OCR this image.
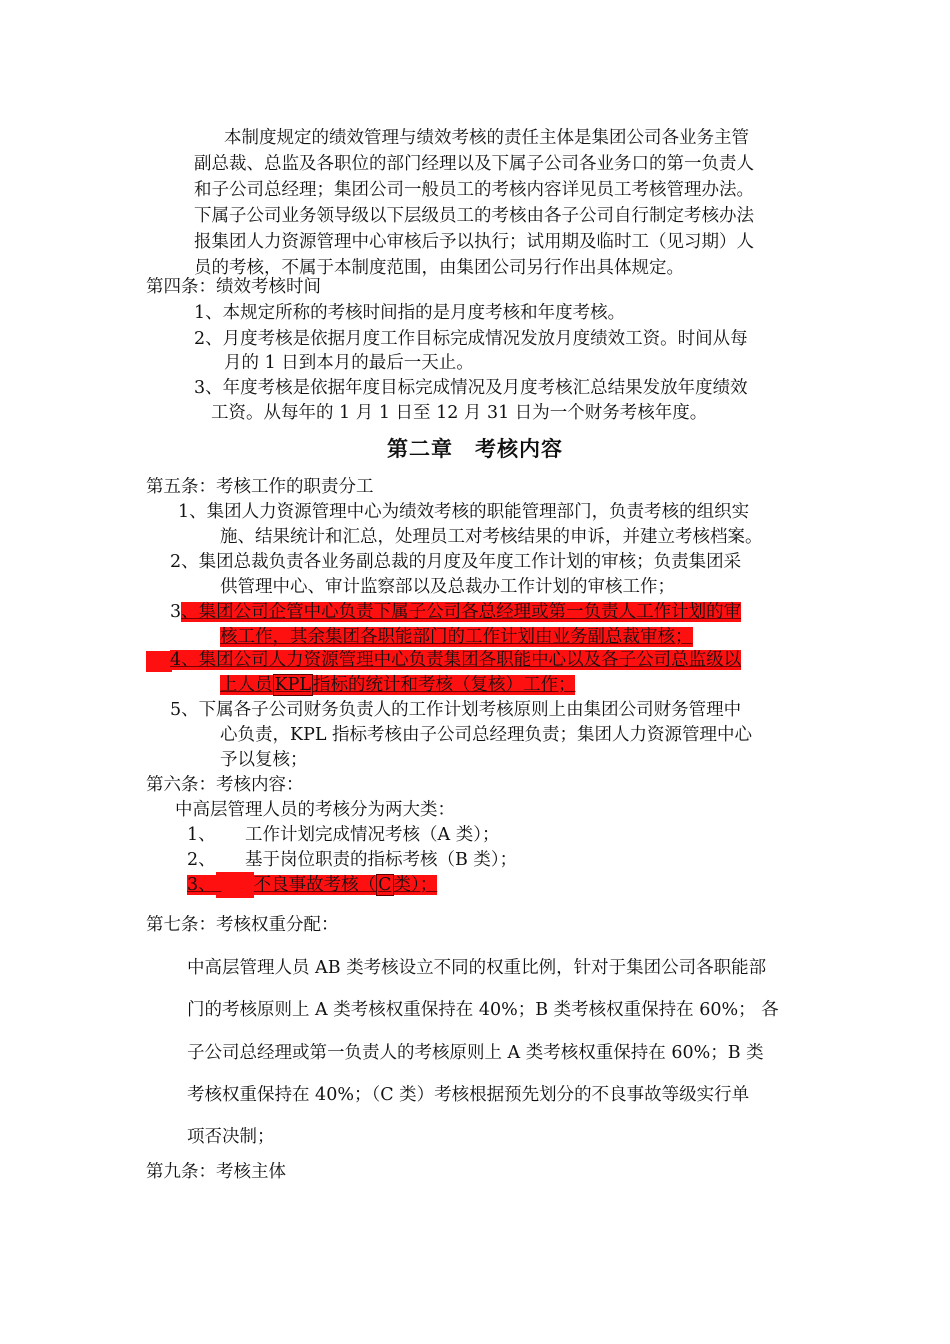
本制度规定的绩效管理与绩效考核的责任主体是集团公司各业务主管
副总裁、总监及各职位的部门经理以及下属子公司各业务口的第一负责人
和子公司总经理；集团公司一般员工的考核内容详见员工考核管理办法。
下属子公司业务领导级以下层级员工的考核由各子公司自行制定考核办法
报集团人力资源管理中心审核后予以执行；试用期及临时工（见习期）人
员的考核，不属于本制度范围，由集团公司另行作出具体规定。
第四条：绩效考核时间
1、本规定所称的考核时间指的是月度考核和年度考核。
2、月度考核是依据月度工作目标完成情况发放月度绩效工资。时间从每
月的 1 日到本月的最后一天止。
3、年度考核是依据年度目标完成情况及月度考核汇总结果发放年度绩效
工资。从每年的 1 月 1 日至 12 月 31 日为一个财务考核年度。
第二章 考核内容
第五条：考核工作的职责分工
1、集团人力资源管理中心为绩效考核的职能管理部门，负责考核的组织实
施、结果统计和汇总，处理员工对考核结果的申诉，并建立考核档案。
2、集团总裁负责各业务副总裁的月度及年度工作计划的审核；负责集团采
供管理中心、审计监察部以及总裁办工作计划的审核工作；
3、集团公司企管中心负责下属子公司各总经理或第一负责人工作计划的审
核工作，其余集团各职能部门的工作计划由业务副总裁审核；
4、集团公司人力资源管理中心负责集团各职能中心以及各子公司总监级以
上人员 KPL 指标的统计和考核（复核）工作；
5、下属各子公司财务负责人的工作计划考核原则上由集团公司财务管理中
心负责，KPL 指标考核由子公司总经理负责；集团人力资源管理中心
予以复核；
第六条：考核内容：
中高层管理人员的考核分为两大类：
1、 工作计划完成情况考核（A 类）；
2、 基于岗位职责的指标考核（B 类）；
3、 不良事故考核（ C 类）；
第七条：考核权重分配：
中高层管理人员 AB 类考核设立不同的权重比例，针对于集团公司各职能部
门的考核原则上 A 类考核权重保持在 40%；B 类考核权重保持在 60%； 各
子公司总经理或第一负责人的考核原则上 A 类考核权重保持在 60%；B 类
考核权重保持在 40%；（C 类）考核根据预先划分的不良事故等级实行单
项否决制；
第九条：考核主体
